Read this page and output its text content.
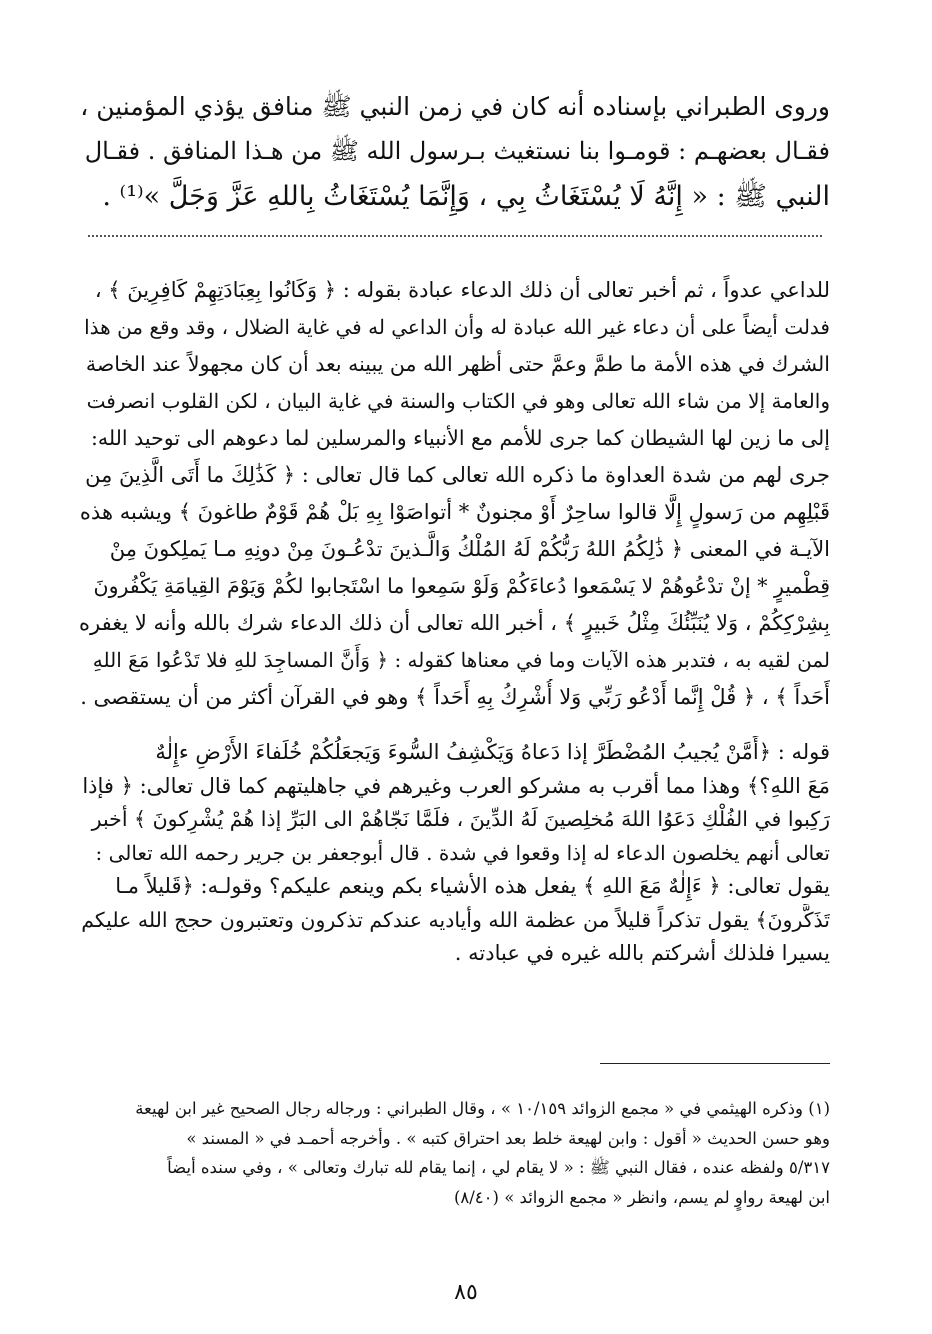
وروى الطبراني بإسناده أنه كان في زمن النبي ﷺ منافق يؤذي المؤمنين ،
فقـال بعضهـم : قومـوا بنا نستغيث بـرسول الله ﷺ من هـذا المنافق . فقـال
النبي ﷺ : « إِنَّهُ لَا يُسْتَغَاثُ بِي ، وَإِنَّمَا يُسْتَغَاثُ بِاللهِ عَزَّ وَجَلَّ »⁽¹⁾ .
للداعي عدواً ، ثم أخبر تعالى أن ذلك الدعاء عبادة بقوله : ﴿ وَكَانُوا بِعِبَادَتِهِمْ كَافِرِينَ ﴾ ،
فدلت أيضاً على أن دعاء غير الله عبادة له وأن الداعي له في غاية الضلال ، وقد وقع من هذا
الشرك في هذه الأمة ما طمَّ وعمَّ حتى أظهر الله من يبينه بعد أن كان مجهولاً عند الخاصة
والعامة إلا من شاء الله تعالى وهو في الكتاب والسنة في غاية البيان ، لكن القلوب انصرفت
إلى ما زين لها الشيطان كما جرى للأمم مع الأنبياء والمرسلين لما دعوهم الى توحيد الله:
جرى لهم من شدة العداوة ما ذكره الله تعالى كما قال تعالى : ﴿ كَذَٰلِكَ ما أَتَى الَّذِينَ مِن
قَبْلِهِم من رَسولٍ إِلَّا قالوا ساحِرٌ أَوْ مجنونٌ * أتواصَوْا بِهِ بَلْ هُمْ قَوْمٌ طاغونَ ﴾ ويشبه هذه
الآيـة في المعنى ﴿ ذَٰلِكُمُ اللهُ رَبُّكُمْ لَهُ المُلْكُ وَالَّـذينَ تدْعُـونَ مِنْ دونِهِ مـا يَملِكونَ مِنْ
قِطْميرٍ * إنْ تدْعُوهُمْ لا يَسْمَعوا دُعاءَكُمْ وَلَوْ سَمِعوا ما اسْتَجابوا لكُمْ وَيَوْمَ القِيامَةِ يَكْفُرونَ
بِشِرْكِكُمْ ، وَلا يُنَبِّئُكَ مِثْلُ خَبيرٍ ﴾ ، أخبر الله تعالى أن ذلك الدعاء شرك بالله وأنه لا يغفره
لمن لقيه به ، فتدبر هذه الآيات وما في معناها كقوله : ﴿ وَأَنَّ المساجِدَ للهِ فلا تَدْعُوا مَعَ اللهِ
أَحَداً ﴾ ، ﴿ قُلْ إِنَّما أَدْعُو رَبِّي وَلا أُشْرِكُ بِهِ أَحَداً ﴾ وهو في القرآن أكثر من أن يستقصى .
قوله : ﴿أَمَّنْ يُجيبُ المُضْطَرَّ إذا دَعاهُ وَيَكْشِفُ السُّوءَ وَيَجعَلُكُمْ خُلَفاءَ الأَرْضِ ءإِلٰهٌ
مَعَ اللهِ؟﴾ وهذا مما أقرب به مشركو العرب وغيرهم في جاهليتهم كما قال تعالى: ﴿ فإذا
رَكِبوا في الفُلْكِ دَعَوُا اللهَ مُخلِصينَ لَهُ الدِّينَ ، فلَمَّا نَجّاهُمْ الى البَرِّ إذا هُمْ يُشْرِكونَ ﴾ أخبر
تعالى أنهم يخلصون الدعاء له إذا وقعوا في شدة . قال أبوجعفر بن جرير رحمه الله تعالى :
يقول تعالى: ﴿ ءَإِلٰهٌ مَعَ اللهِ ﴾ يفعل هذه الأشياء بكم وينعم عليكم؟ وقولـه: ﴿قَليلاً مـا
تَذَكَّرونَ﴾ يقول تذكراً قليلاً من عظمة الله وأياديه عندكم تذكرون وتعتبرون حجج الله عليكم
يسيرا فلذلك أشركتم بالله غيره في عبادته .
(١) وذكره الهيثمي في « مجمع الزوائد ١٠/١٥٩ » ، وقال الطبراني : ورجاله رجال الصحيح غير ابن لهيعة
وهو حسن الحديث « أقول : وابن لهيعة خلط بعد احتراق كتبه » . وأخرجه أحمـد في « المسند »
٥/٣١٧ ولفظه عنده ، فقال النبي ﷺ : « لا يقام لي ، إنما يقام لله تبارك وتعالى » ، وفي سنده أيضاً
ابن لهيعة رواوٍ لم يسم، وانظر « مجمع الزوائد » (٨/٤٠)
٨٥
